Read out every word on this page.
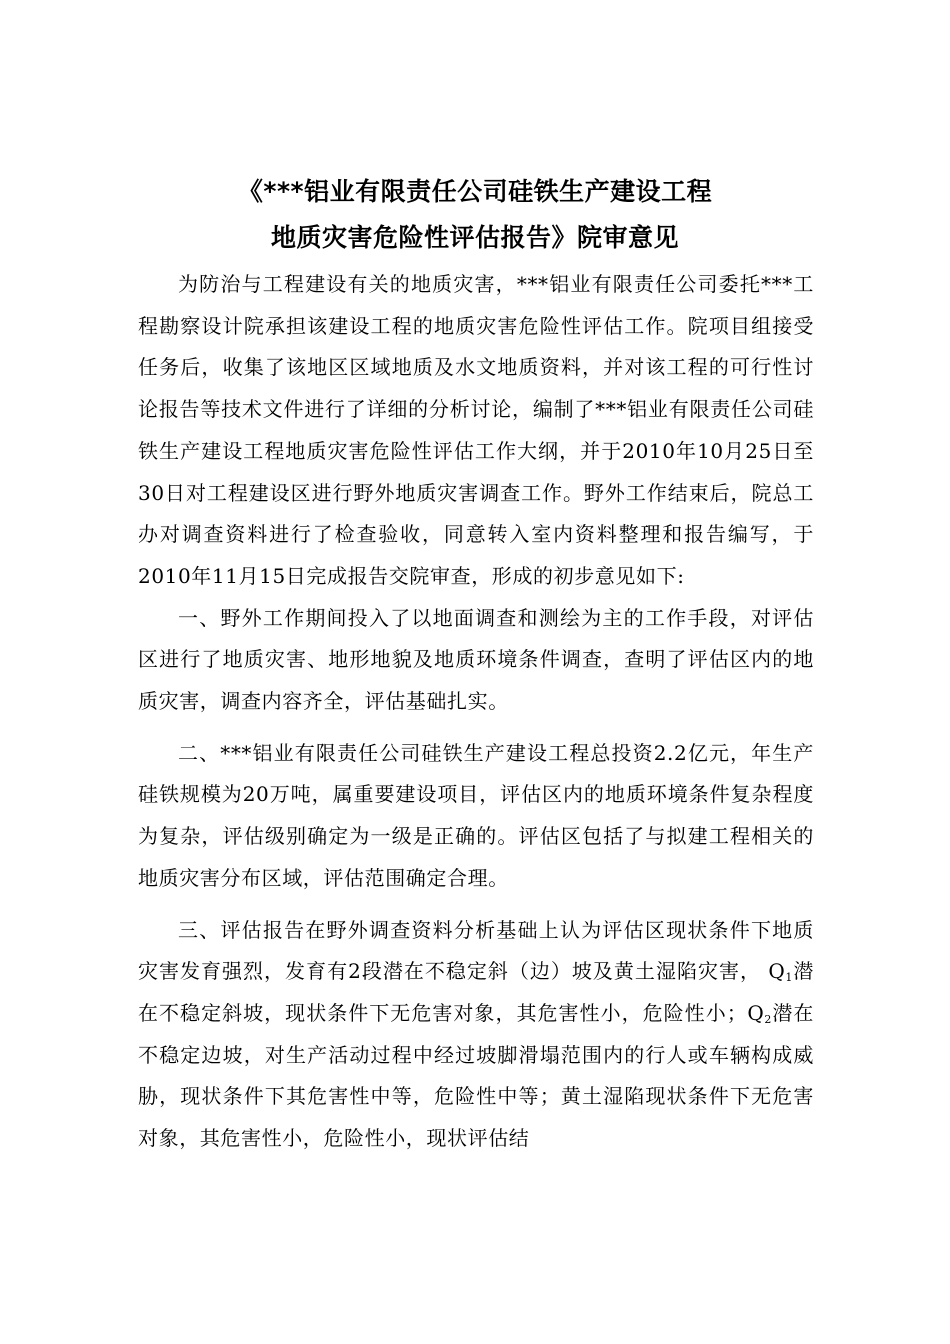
《***铝业有限责任公司硅铁生产建设工程
地质灾害危险性评估报告》院审意见

为防治与工程建设有关的地质灾害，***铝业有限责任公司委托***工程勘察设计院承担该建设工程的地质灾害危险性评估工作。院项目组接受任务后，收集了该地区区域地质及水文地质资料，并对该工程的可行性讨论报告等技术文件进行了详细的分析讨论，编制了***铝业有限责任公司硅铁生产建设工程地质灾害危险性评估工作大纲，并于2010年10月25日至30日对工程建设区进行野外地质灾害调查工作。野外工作结束后，院总工办对调查资料进行了检查验收，同意转入室内资料整理和报告编写，于2010年11月15日完成报告交院审查，形成的初步意见如下:

一、野外工作期间投入了以地面调查和测绘为主的工作手段，对评估区进行了地质灾害、地形地貌及地质环境条件调查，查明了评估区内的地质灾害，调查内容齐全，评估基础扎实。

二、***铝业有限责任公司硅铁生产建设工程总投资2.2亿元，年生产硅铁规模为20万吨，属重要建设项目，评估区内的地质环境条件复杂程度为复杂，评估级别确定为一级是正确的。评估区包括了与拟建工程相关的地质灾害分布区域，评估范围确定合理。

三、评估报告在野外调查资料分析基础上认为评估区现状条件下地质灾害发育强烈，发育有2段潜在不稳定斜（边）坡及黄土湿陷灾害， $Q_1$潜在不稳定斜坡，现状条件下无危害对象，其危害性小，危险性小；$Q_2$潜在不稳定边坡，对生产活动过程中经过坡脚滑塌范围内的行人或车辆构成威胁，现状条件下其危害性中等，危险性中等；黄土湿陷现状条件下无危害对象，其危害性小，危险性小，现状评估结
